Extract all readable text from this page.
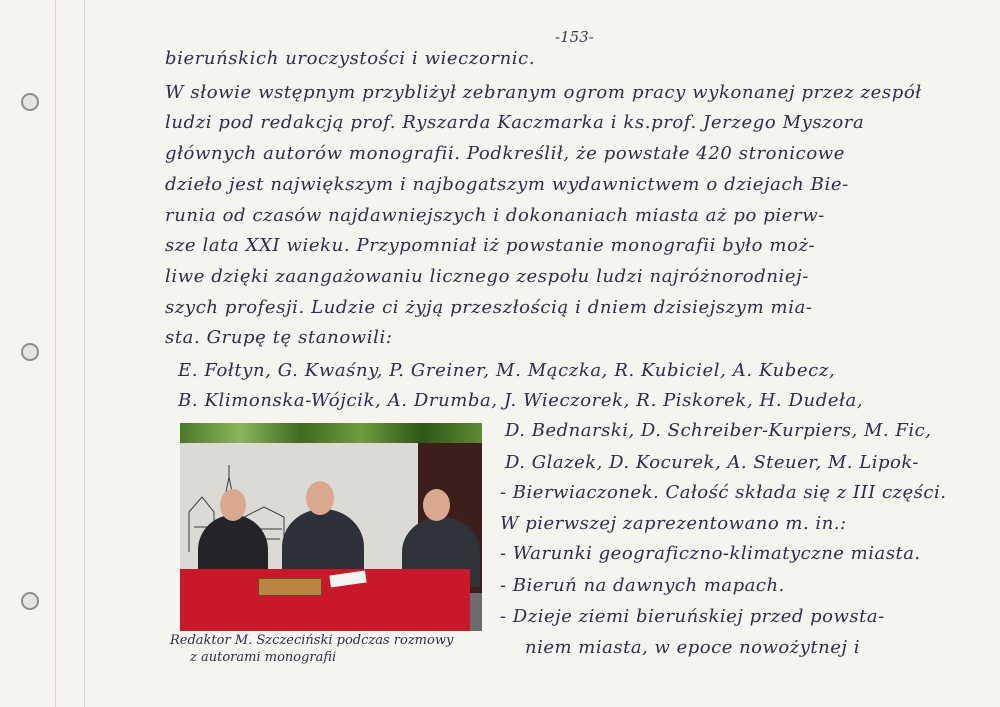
-153-
bieruńskich uroczystości i wieczornic.
W słowie wstępnym przybliżył zebranym ogrom pracy wykonanej przez zespół
ludzi pod redakcją prof. Ryszarda Kaczmarka i ks.prof. Jerzego Myszora
głównych autorów monografii. Podkreślił, że powstałe 420 stronicowe
dzieło jest największym i najbogatszym wydawnictwem o dziejach Bie-
runia od czasów najdawniejszych i dokonaniach miasta aż po pierw-
sze lata XXI wieku. Przypomniał iż powstanie monografii było moż-
liwe dzięki zaangażowaniu licznego zespołu ludzi najróżnorodniej-
szych profesji. Ludzie ci żyją przeszłością i dniem dzisiejszym mia-
sta. Grupę tę stanowili:
E. Fołtyn, G. Kwaśny, P. Greiner, M. Mączka, R. Kubiciel, A. Kubecz,
B. Klimonska-Wójcik, A. Drumba, J. Wieczorek, R. Piskorek, H. Dudeła,
Redaktor M. Szczeciński podczas rozmowy
z autorami monografii
D. Bednarski, D. Schreiber-Kurpiers, M. Fic,
D. Glazek, D. Kocurek, A. Steuer, M. Lipok-
- Bierwiaczonek. Całość składa się z III części.
W pierwszej zaprezentowano m. in.:
- Warunki geograficzno-klimatyczne miasta.
- Bieruń na dawnych mapach.
- Dzieje ziemi bieruńskiej przed powsta-
niem miasta, w epoce nowożytnej i
